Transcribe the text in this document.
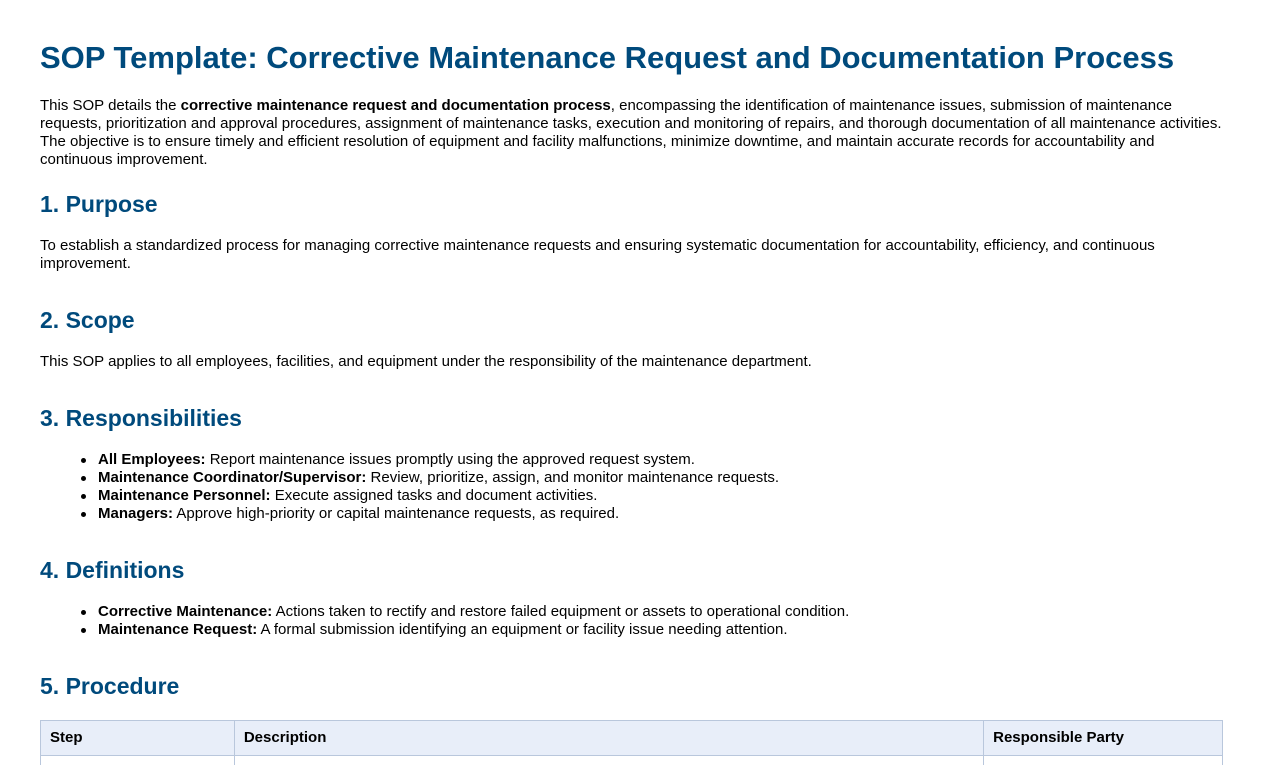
SOP Template: Corrective Maintenance Request and Documentation Process

This SOP details the corrective maintenance request and documentation process, encompassing the identification of maintenance issues, submission of maintenance requests, prioritization and approval procedures, assignment of maintenance tasks, execution and monitoring of repairs, and thorough documentation of all maintenance activities. The objective is to ensure timely and efficient resolution of equipment and facility malfunctions, minimize downtime, and maintain accurate records for accountability and continuous improvement.

1. Purpose

To establish a standardized process for managing corrective maintenance requests and ensuring systematic documentation for accountability, efficiency, and continuous improvement.

2. Scope

This SOP applies to all employees, facilities, and equipment under the responsibility of the maintenance department.

3. Responsibilities
All Employees: Report maintenance issues promptly using the approved request system.
Maintenance Coordinator/Supervisor: Review, prioritize, assign, and monitor maintenance requests.
Maintenance Personnel: Execute assigned tasks and document activities.
Managers: Approve high-priority or capital maintenance requests, as required.
4. Definitions
Corrective Maintenance: Actions taken to rectify and restore failed equipment or assets to operational condition.
Maintenance Request: A formal submission identifying an equipment or facility issue needing attention.
5. Procedure
Step	Description	Responsible Party
